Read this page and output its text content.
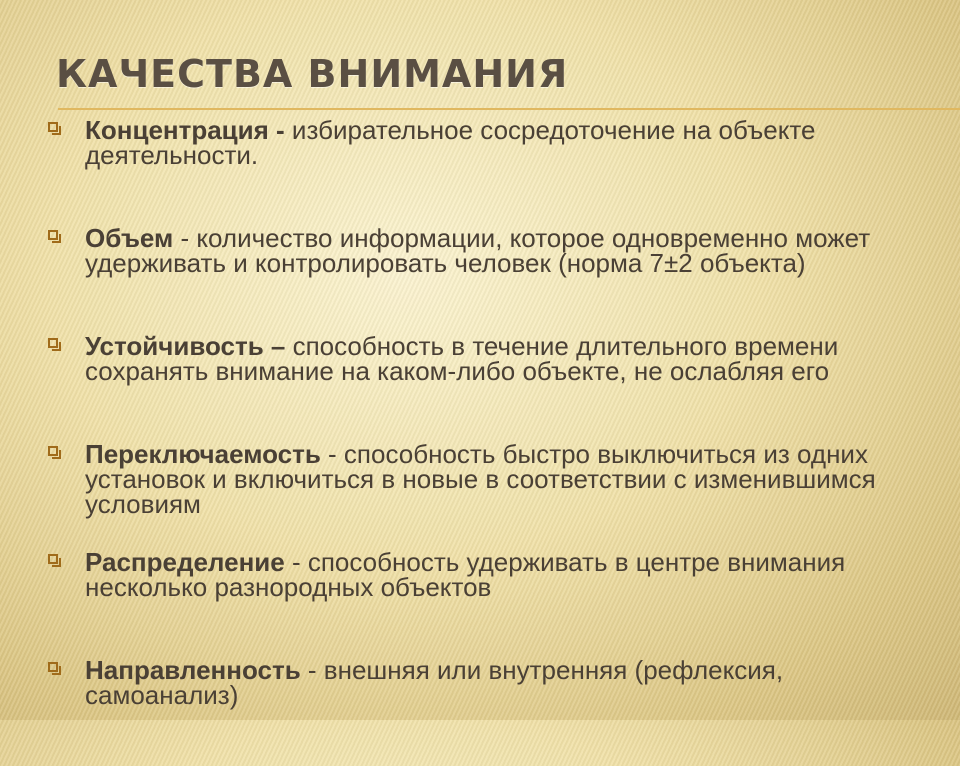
КАЧЕСТВА ВНИМАНИЯ
Концентрация - избирательное сосредоточение на объекте деятельности.
Объем - количество информации, которое одновременно может удерживать и контролировать человек (норма 7±2 объекта)
Устойчивость – способность в течение длительного времени сохранять внимание на каком-либо объекте, не ослабляя его
Переключаемость - способность быстро выключиться из одних установок и включиться в новые в соответствии с изменившимся условиям
Распределение - способность удерживать в центре внимания несколько разнородных объектов
Направленность - внешняя или внутренняя (рефлексия, самоанализ)
